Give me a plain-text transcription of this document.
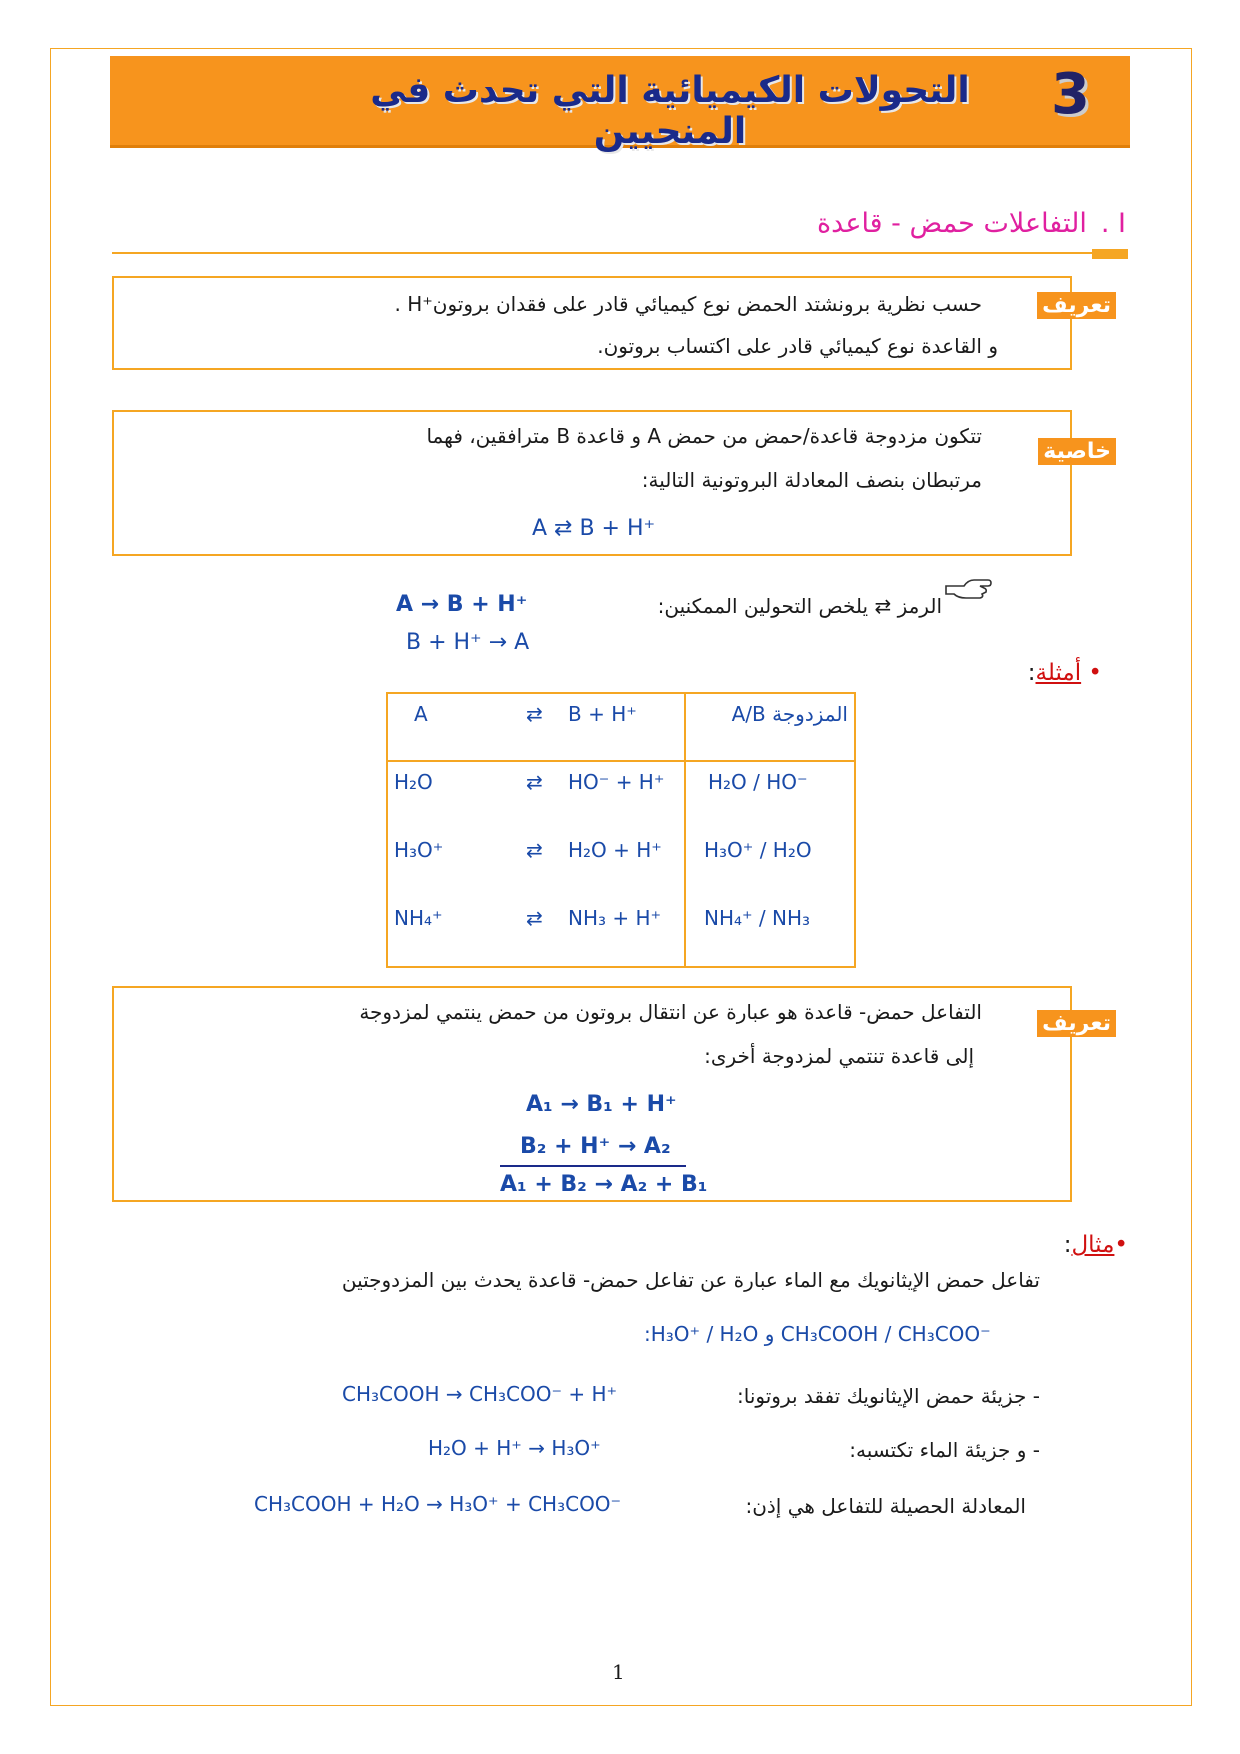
التحولات الكيميائية التي تحدث في المنحيين
3
I .
التفاعلات حمض - قاعدة
تعريف
حسب نظرية برونشتد الحمض نوع كيميائي قادر على فقدان بروتون⁺H .
و القاعدة نوع كيميائي قادر على اكتساب بروتون.
خاصية
تتكون مزدوجة قاعدة/حمض من حمض A و قاعدة B مترافقين، فهما
مرتبطان بنصف المعادلة البروتونية التالية:
A ⇄ B + H⁺
الرمز ⇄ يلخص التحولين الممكنين:
A → B + H⁺
B + H⁺ → A
• أمثلة:
A	⇄	B + H⁺	المزدوجة A/B
H₂O	⇄	HO⁻ + H⁺	H₂O / HO⁻
H₃O⁺	⇄	H₂O + H⁺	H₃O⁺ / H₂O
NH₄⁺	⇄	NH₃ + H⁺	NH₄⁺ / NH₃
تعريف
التفاعل حمض- قاعدة هو عبارة عن انتقال بروتون من حمض ينتمي لمزدوجة
إلى قاعدة تنتمي لمزدوجة أخرى:
A₁ → B₁ + H⁺
B₂ + H⁺ → A₂
A₁ + B₂ → A₂ + B₁
•مثال:
تفاعل حمض الإيثانويك مع الماء عبارة عن تفاعل حمض- قاعدة يحدث بين المزدوجتين
:H₃O⁺ / H₂O و CH₃COOH / CH₃COO⁻
- جزيئة حمض الإيثانويك تفقد بروتونا:
CH₃COOH → CH₃COO⁻ + H⁺
- و جزيئة الماء تكتسبه:
H₂O + H⁺ → H₃O⁺
المعادلة الحصيلة للتفاعل هي إذن:
CH₃COOH + H₂O → H₃O⁺ + CH₃COO⁻
1
